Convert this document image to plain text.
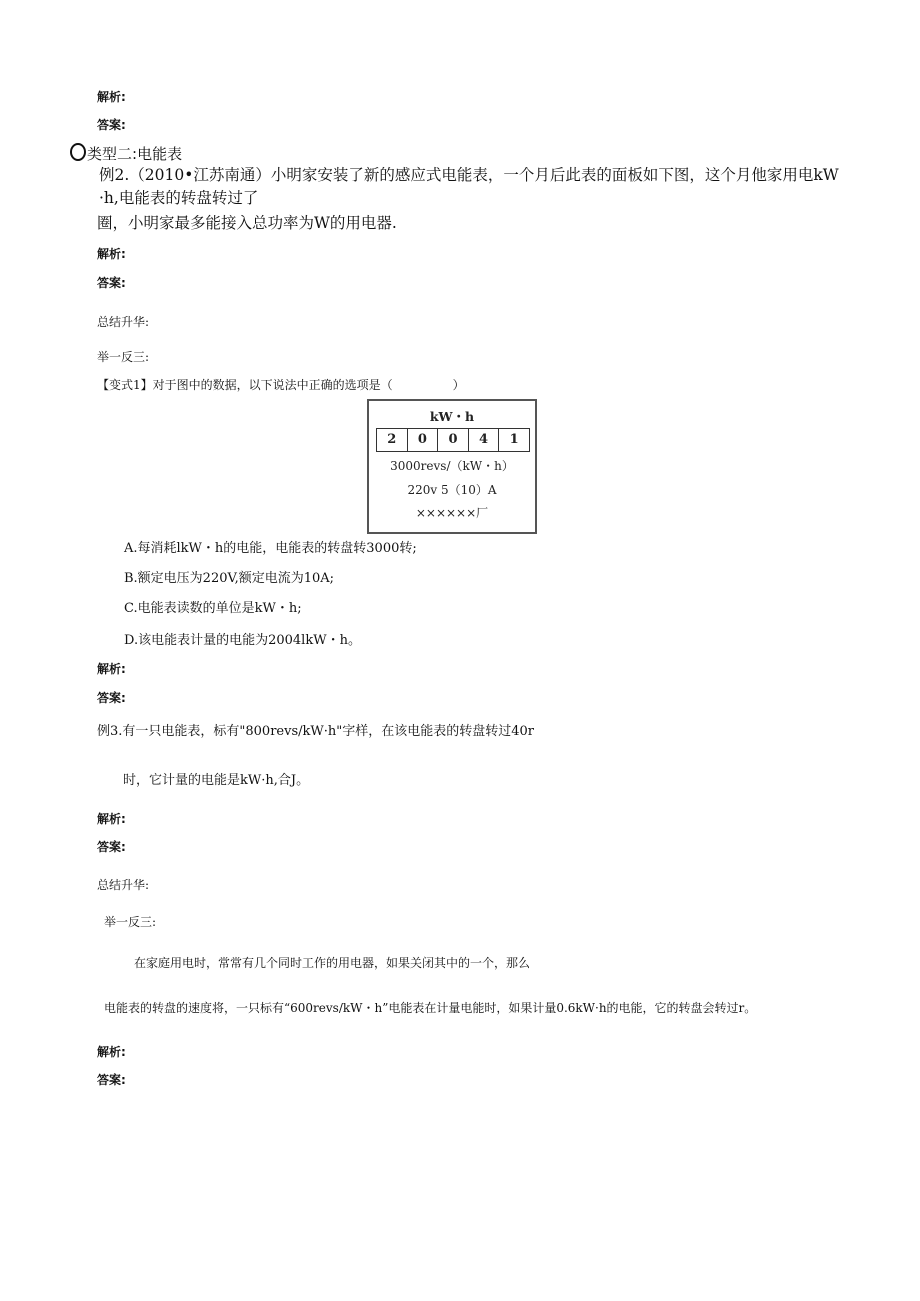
解析:
答案:
类型二:电能表
例2.（2010•江苏南通）小明家安装了新的感应式电能表，一个月后此表的面板如下图，这个月他家用电kW
·h,电能表的转盘转过了
圈，小明家最多能接入总功率为W的用电器.
解析:
答案:
总结升华:
举一反三:
【变式1】对于图中的数据，以下说法中正确的选项是（　　　　　）
kW・h
2	0	0	4	1
3000revs/（kW・h）
220v 5（10）A
××××××厂
A.每消耗lkW・h的电能，电能表的转盘转3000转;
B.额定电压为220V,额定电流为10A;
C.电能表读数的单位是kW・h;
D.该电能表计量的电能为2004lkW・h。
解析:
答案:
例3.有一只电能表，标有"800revs/kW·h"字样，在该电能表的转盘转过40r
时，它计量的电能是kW·h,合J。
解析:
答案:
总结升华:
举一反三:
在家庭用电时，常常有几个同时工作的用电器，如果关闭其中的一个，那么
电能表的转盘的速度将，一只标有“600revs/kW・h”电能表在计量电能时，如果计量0.6kW·h的电能，它的转盘会转过r。
解析:
答案:
